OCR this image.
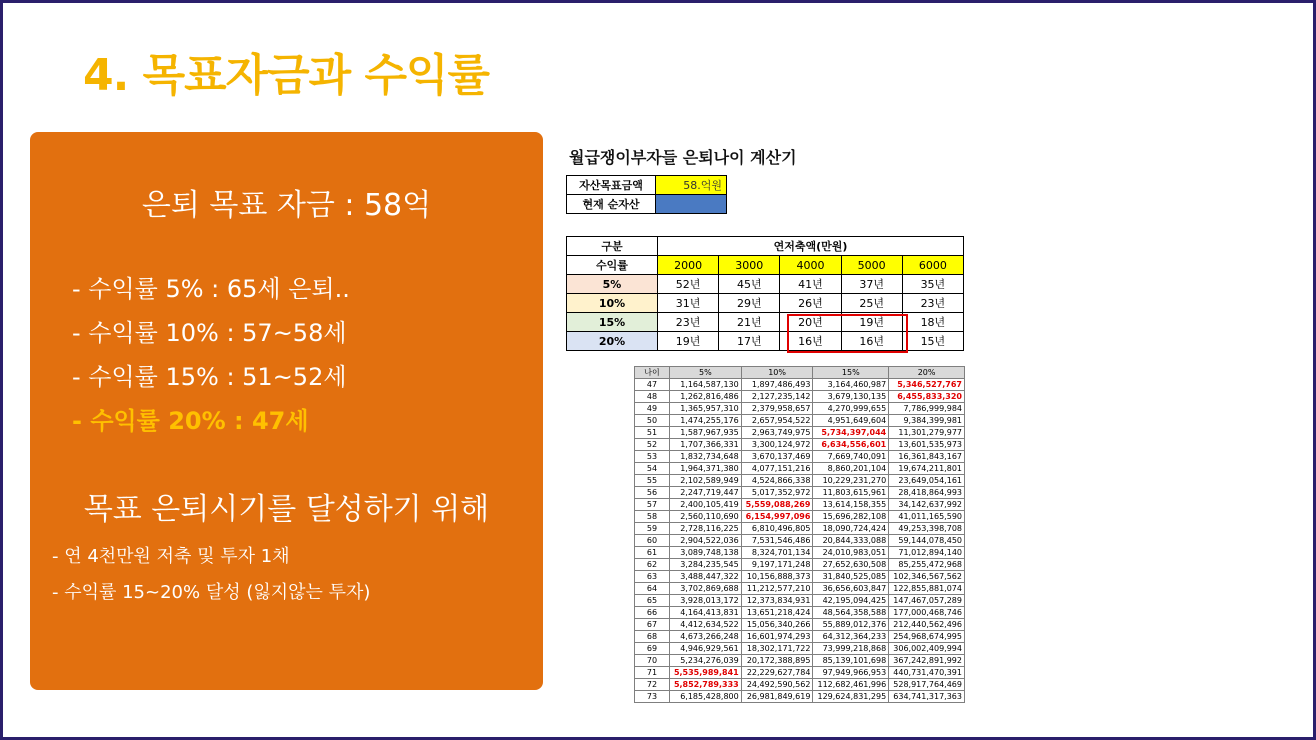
4. 목표자금과 수익률
은퇴 목표 자금 : 58억
- 수익률 5% : 65세 은퇴..
- 수익률 10% : 57~58세
- 수익률 15% : 51~52세
- 수익률 20% : 47세
목표 은퇴시기를 달성하기 위해
- 연 4천만원 저축 및 투자 1채
- 수익률 15~20% 달성 (잃지않는 투자)
월급쟁이부자들 은퇴나이 계산기
자산목표금액	58.억원
현재 순자산	
구분	연저축액(만원)				
수익률	2000	3000	4000	5000	6000
5%	52년	45년	41년	37년	35년
10%	31년	29년	26년	25년	23년
15%	23년	21년	20년	19년	18년
20%	19년	17년	16년	16년	15년
나이	5%	10%	15%	20%
47	1,164,587,130	1,897,486,493	3,164,460,987	5,346,527,767
48	1,262,816,486	2,127,235,142	3,679,130,135	6,455,833,320
49	1,365,957,310	2,379,958,657	4,270,999,655	7,786,999,984
50	1,474,255,176	2,657,954,522	4,951,649,604	9,384,399,981
51	1,587,967,935	2,963,749,975	5,734,397,044	11,301,279,977
52	1,707,366,331	3,300,124,972	6,634,556,601	13,601,535,973
53	1,832,734,648	3,670,137,469	7,669,740,091	16,361,843,167
54	1,964,371,380	4,077,151,216	8,860,201,104	19,674,211,801
55	2,102,589,949	4,524,866,338	10,229,231,270	23,649,054,161
56	2,247,719,447	5,017,352,972	11,803,615,961	28,418,864,993
57	2,400,105,419	5,559,088,269	13,614,158,355	34,142,637,992
58	2,560,110,690	6,154,997,096	15,696,282,108	41,011,165,590
59	2,728,116,225	6,810,496,805	18,090,724,424	49,253,398,708
60	2,904,522,036	7,531,546,486	20,844,333,088	59,144,078,450
61	3,089,748,138	8,324,701,134	24,010,983,051	71,012,894,140
62	3,284,235,545	9,197,171,248	27,652,630,508	85,255,472,968
63	3,488,447,322	10,156,888,373	31,840,525,085	102,346,567,562
64	3,702,869,688	11,212,577,210	36,656,603,847	122,855,881,074
65	3,928,013,172	12,373,834,931	42,195,094,425	147,467,057,289
66	4,164,413,831	13,651,218,424	48,564,358,588	177,000,468,746
67	4,412,634,522	15,056,340,266	55,889,012,376	212,440,562,496
68	4,673,266,248	16,601,974,293	64,312,364,233	254,968,674,995
69	4,946,929,561	18,302,171,722	73,999,218,868	306,002,409,994
70	5,234,276,039	20,172,388,895	85,139,101,698	367,242,891,992
71	5,535,989,841	22,229,627,784	97,949,966,953	440,731,470,391
72	5,852,789,333	24,492,590,562	112,682,461,996	528,917,764,469
73	6,185,428,800	26,981,849,619	129,624,831,295	634,741,317,363
